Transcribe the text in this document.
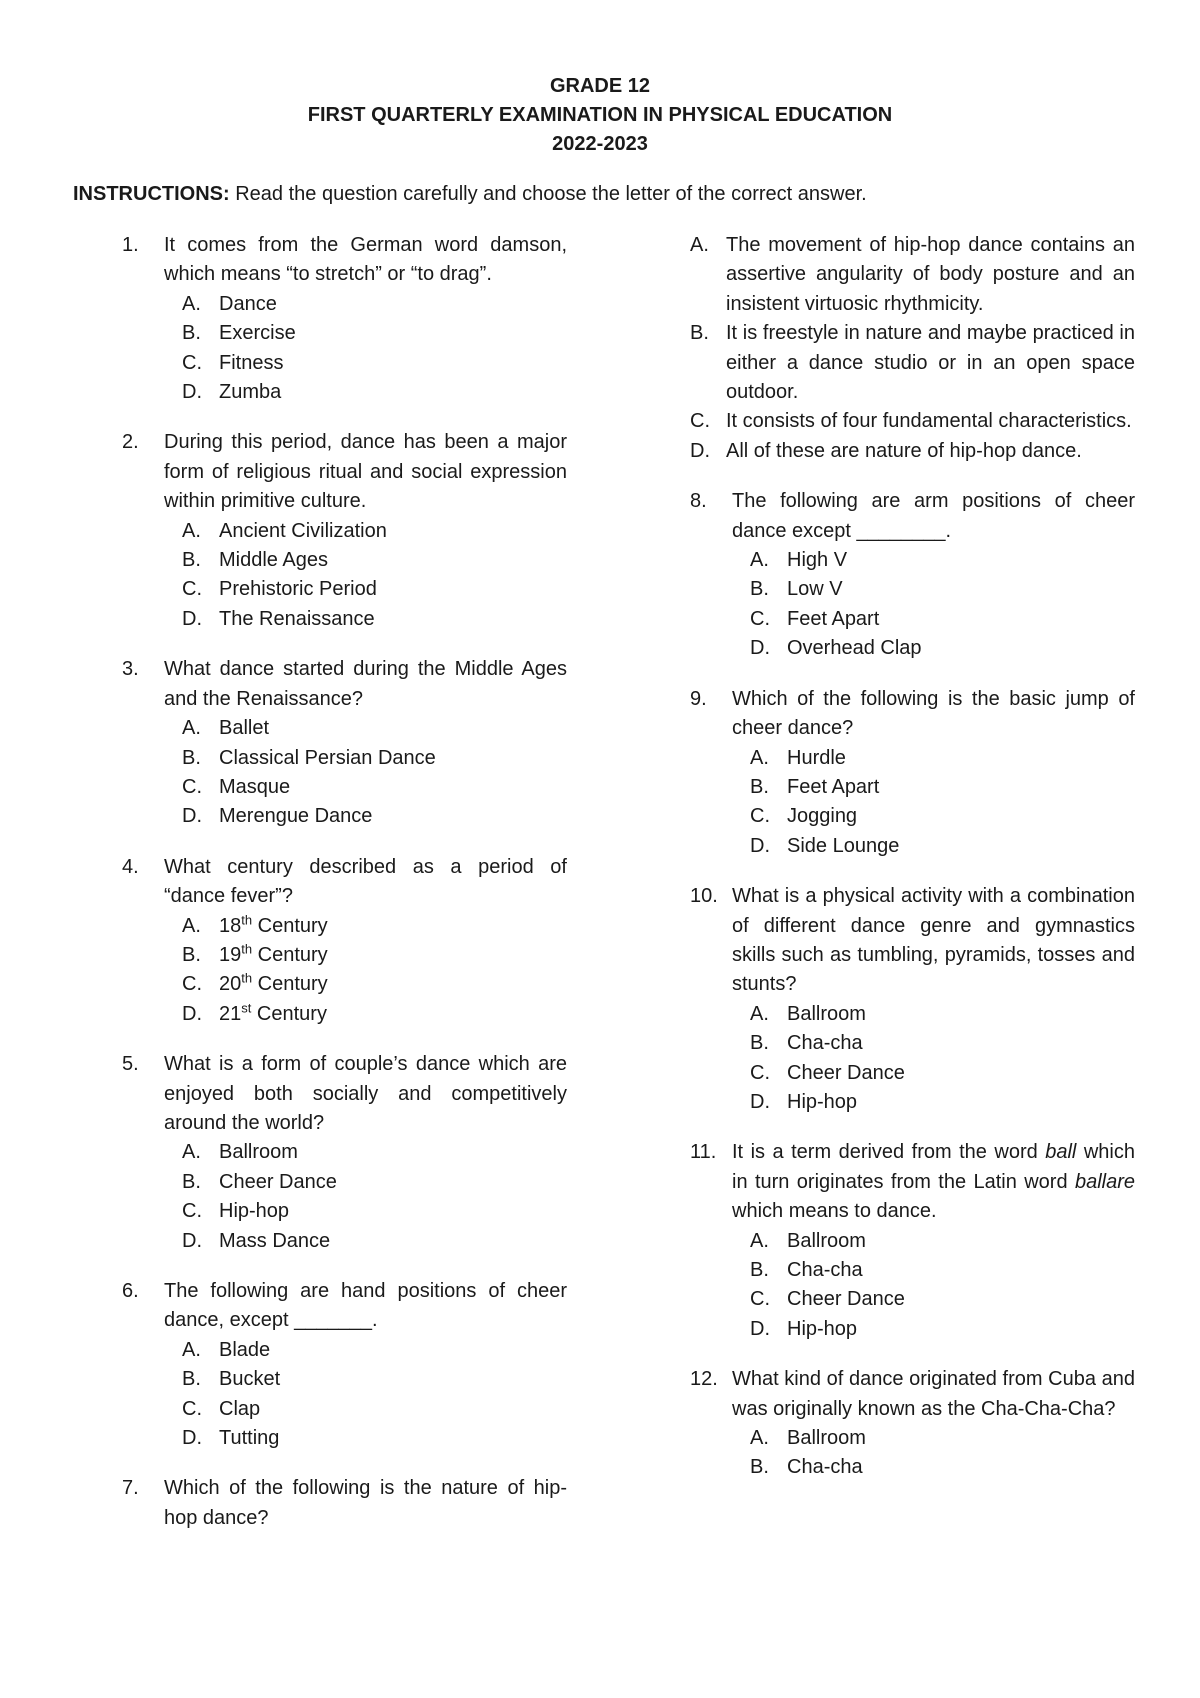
GRADE 12
FIRST QUARTERLY EXAMINATION IN PHYSICAL EDUCATION
2022-2023
INSTRUCTIONS: Read the question carefully and choose the letter of the correct answer.
1.	It comes from the German word damson, which means “to stretch” or “to drag”.
A. Dance
B. Exercise
C. Fitness
D. Zumba
2.	During this period, dance has been a major form of religious ritual and social expression within primitive culture.
A. Ancient Civilization
B. Middle Ages
C. Prehistoric Period
D. The Renaissance
3.	What dance started during the Middle Ages and the Renaissance?
A. Ballet
B. Classical Persian Dance
C. Masque
D. Merengue Dance
4.	What century described as a period of “dance fever”?
A. 18th Century
B. 19th Century
C. 20th Century
D. 21st Century
5.	What is a form of couple’s dance which are enjoyed both socially and competitively around the world?
A. Ballroom
B. Cheer Dance
C. Hip-hop
D. Mass Dance
6.	The following are hand positions of cheer dance, except _______.
A. Blade
B. Bucket
C. Clap
D. Tutting
7.	Which of the following is the nature of hip-hop dance?
A. The movement of hip-hop dance contains an assertive angularity of body posture and an insistent virtuosic rhythmicity.
B. It is freestyle in nature and maybe practiced in either a dance studio or in an open space outdoor.
C. It consists of four fundamental characteristics.
D. All of these are nature of hip-hop dance.
8.	The following are arm positions of cheer dance except ________.
A. High V
B. Low V
C. Feet Apart
D. Overhead Clap
9.	Which of the following is the basic jump of cheer dance?
A. Hurdle
B. Feet Apart
C. Jogging
D. Side Lounge
10. What is a physical activity with a combination of different dance genre and gymnastics skills such as tumbling, pyramids, tosses and stunts?
A. Ballroom
B. Cha-cha
C. Cheer Dance
D. Hip-hop
11. It is a term derived from the word ball which in turn originates from the Latin word ballare which means to dance.
A. Ballroom
B. Cha-cha
C. Cheer Dance
D. Hip-hop
12. What kind of dance originated from Cuba and was originally known as the Cha-Cha-Cha?
A. Ballroom
B. Cha-cha
